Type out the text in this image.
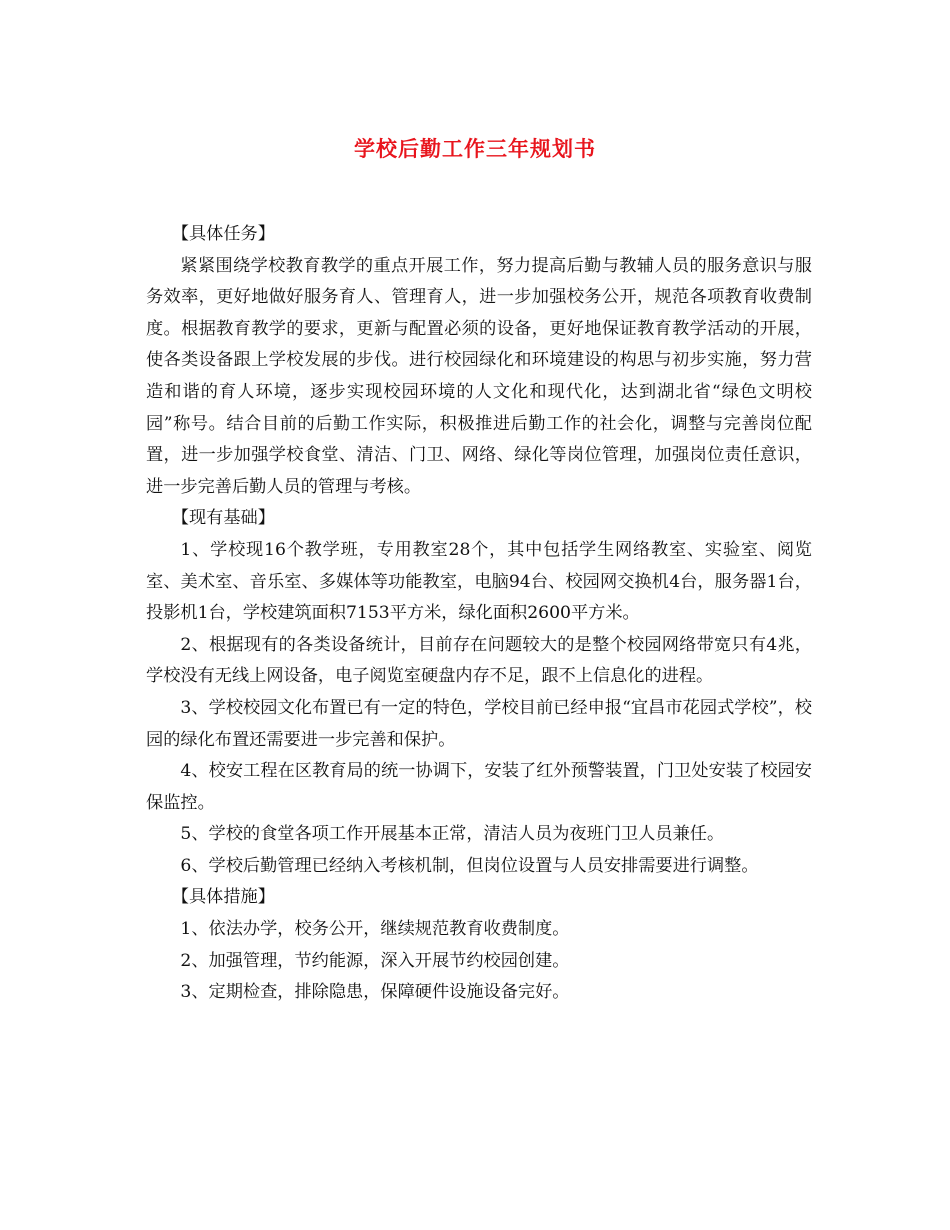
学校后勤工作三年规划书

【具体任务】

紧紧围绕学校教育教学的重点开展工作，努力提高后勤与教辅人员的服务意识与服务效率，更好地做好服务育人、管理育人，进一步加强校务公开，规范各项教育收费制度。根据教育教学的要求，更新与配置必须的设备，更好地保证教育教学活动的开展，使各类设备跟上学校发展的步伐。进行校园绿化和环境建设的构思与初步实施，努力营造和谐的育人环境，逐步实现校园环境的人文化和现代化，达到湖北省“绿色文明校园”称号。结合目前的后勤工作实际，积极推进后勤工作的社会化，调整与完善岗位配置，进一步加强学校食堂、清洁、门卫、网络、绿化等岗位管理，加强岗位责任意识，进一步完善后勤人员的管理与考核。

【现有基础】

1、学校现16个教学班，专用教室28个，其中包括学生网络教室、实验室、阅览室、美术室、音乐室、多媒体等功能教室，电脑94台、校园网交换机4台，服务器1台，投影机1台，学校建筑面积7153平方米，绿化面积2600平方米。

2、根据现有的各类设备统计，目前存在问题较大的是整个校园网络带宽只有4兆，学校没有无线上网设备，电子阅览室硬盘内存不足，跟不上信息化的进程。

3、学校校园文化布置已有一定的特色，学校目前已经申报“宜昌市花园式学校”，校园的绿化布置还需要进一步完善和保护。

4、校安工程在区教育局的统一协调下，安装了红外预警装置，门卫处安装了校园安保监控。

5、学校的食堂各项工作开展基本正常，清洁人员为夜班门卫人员兼任。

6、学校后勤管理已经纳入考核机制，但岗位设置与人员安排需要进行调整。

【具体措施】

1、依法办学，校务公开，继续规范教育收费制度。

2、加强管理，节约能源，深入开展节约校园创建。

3、定期检查，排除隐患，保障硬件设施设备完好。
